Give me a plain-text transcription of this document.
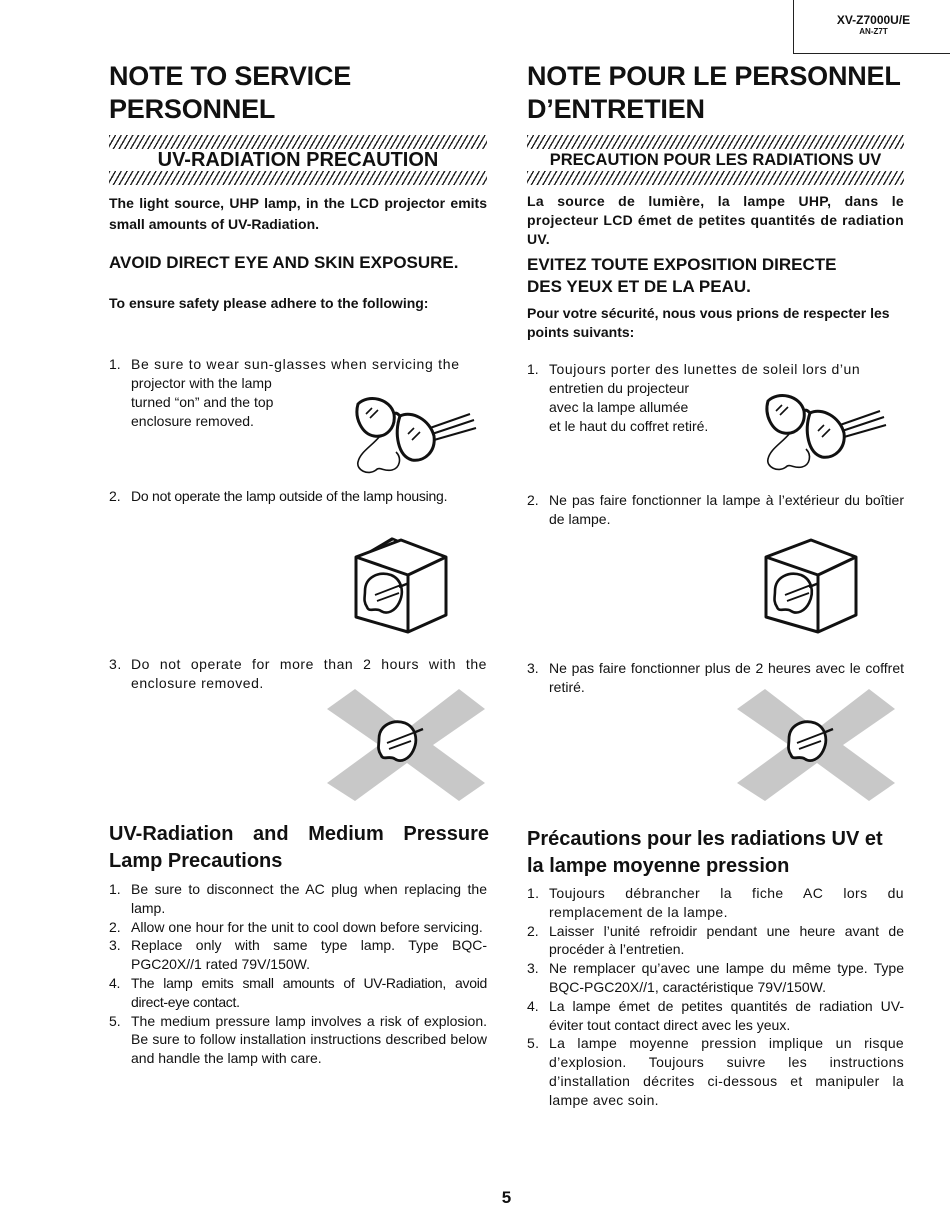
XV-Z7000U/E
AN-Z7T
NOTE TO SERVICE
PERSONNEL
UV-RADIATION PRECAUTION

The light source, UHP lamp, in the LCD projector emits small amounts of UV-Radiation.

AVOID DIRECT EYE AND SKIN EXPOSURE.
To ensure safety please adhere to the following:
1. Be sure to wear sun-glasses when servicing the
projector with the lamp
turned “on” and the top
enclosure removed.
2. Do not operate the lamp outside of the lamp housing.
3. Do not operate for more than 2 hours with the enclosure removed.
UV-Radiation and Medium Pressure Lamp Precautions
1. Be sure to disconnect the AC plug when replacing the lamp.
2. Allow one hour for the unit to cool down before servicing.
3. Replace only with same type lamp. Type BQC-PGC20X//1 rated 79V/150W.
4. The lamp emits small amounts of UV-Radiation, avoid direct-eye contact.
5. The medium pressure lamp involves a risk of explosion. Be sure to follow installation instructions described below and handle the lamp with care.
NOTE POUR LE PERSONNEL
D’ENTRETIEN
PRECAUTION POUR LES RADIATIONS UV

La source de lumière, la lampe UHP, dans le projecteur LCD émet de petites quantités de radiation UV.

EVITEZ TOUTE EXPOSITION DIRECTE
DES YEUX ET DE LA PEAU.
Pour votre sécurité, nous vous prions de respecter les points suivants:
1. Toujours porter des lunettes de soleil lors d’un
entretien du projecteur
avec la lampe allumée
et le haut du coffret retiré.
2. Ne pas faire fonctionner la lampe à l’extérieur du boîtier de lampe.
3. Ne pas faire fonctionner plus de 2 heures avec le coffret retiré.
Précautions pour les radiations UV et la lampe moyenne pression
1. Toujours débrancher la fiche AC lors du remplacement de la lampe.
2. Laisser l’unité refroidir pendant une heure avant de procéder à l’entretien.
3. Ne remplacer qu’avec une lampe du même type. Type BQC-PGC20X//1, caractéristique 79V/150W.
4. La lampe émet de petites quantités de radiation UV- éviter tout contact direct avec les yeux.
5. La lampe moyenne pression implique un risque d’explosion. Toujours suivre les instructions d’installation décrites ci-dessous et manipuler la lampe avec soin.
5
